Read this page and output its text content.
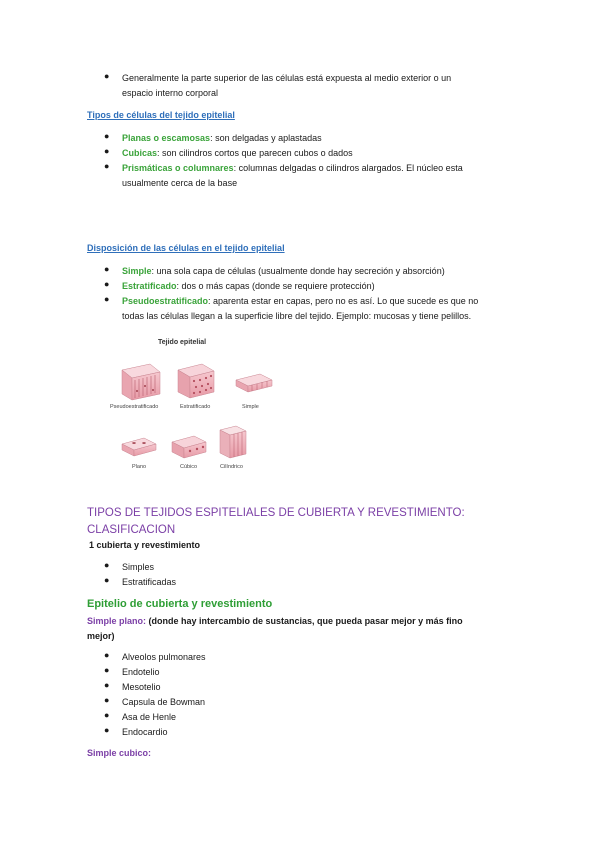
● Generalmente la parte superior de las células está expuesta al medio exterior o un
espacio interno corporal
Tipos de células del tejido epitelial
● Planas o escamosas: son delgadas y aplastadas
● Cubicas: son cilindros cortos que parecen cubos o dados
● Prismáticas o columnares: columnas delgadas o cilindros alargados. El núcleo esta
usualmente cerca de la base
Disposición de las células en el tejido epitelial
● Simple: una sola capa de células (usualmente donde hay secreción y absorción)
● Estratificado: dos o más capas (donde se requiere protección)
● Pseudoestratificado: aparenta estar en capas, pero no es así. Lo que sucede es que no
todas las células llegan a la superficie libre del tejido. Ejemplo: mucosas y tiene pelillos.
Tejido epitelial
Pseudoestratificado	Estratificado	Simple
Plano	Cúbico	Cilíndrico
TIPOS DE TEJIDOS ESPITELIALES DE CUBIERTA Y REVESTIMIENTO:
CLASIFICACION
1 cubierta y revestimiento
● Simples
● Estratificadas
Epitelio de cubierta y revestimiento
Simple plano: (donde hay intercambio de sustancias, que pueda pasar mejor y más fino
mejor)
● Alveolos pulmonares
● Endotelio
● Mesotelio
● Capsula de Bowman
● Asa de Henle
● Endocardio
Simple cubico:
